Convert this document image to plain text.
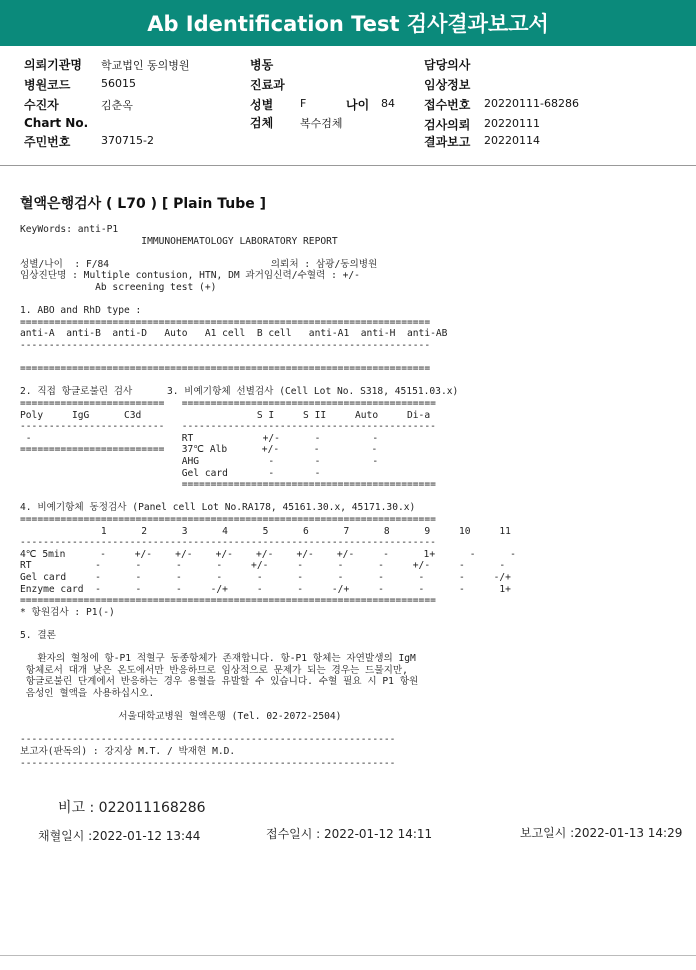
Ab Identification Test 검사결과보고서
의뢰기관명 학교법인 동의병원
병원코드	56015
수진자	김춘옥
Chart No.
주민번호	370715-2
병동
진료과
성별 F	나이 84
검체 복수검체
담당의사
임상정보
접수번호 20220111-68286
검사의뢰 20220111
결과보고 20220114
혈액은행검사 ( L70 ) [ Plain Tube ]
KeyWords: anti-P1
IMMUNOHEMATOLOGY LABORATORY REPORT
성별/나이  : F/84                            의뢰처 : 삼광/동의병원
임상진단명 : Multiple contusion, HTN, DM 과거임신력/수혈력 : +/-
Ab screening test (+)
1. ABO and RhD type :
=======================================================================
anti-A  anti-B  anti-D   Auto   A1 cell  B cell   anti-A1  anti-H  anti-AB
-----------------------------------------------------------------------
=======================================================================
2. 직접 항글로불린 검사      3. 비예기항체 선별검사 (Cell Lot No. S318, 45151.03.x)
=========================   ============================================
Poly     IgG      C3d                    S I     S II     Auto     Di-a
-------------------------   --------------------------------------------
-                          RT            +/-      -         -
=========================   37℃ Alb      +/-      -         -
AHG            -       -         -
Gel card       -       -
============================================
4. 비예기항체 동정검사 (Panel cell Lot No.RA178, 45161.30.x, 45171.30.x)
========================================================================
1      2      3      4      5      6      7      8      9     10     11
------------------------------------------------------------------------
4℃ 5min      -     +/-    +/-    +/-    +/-    +/-    +/-     -      1+      -      -
RT           -      -      -      -     +/-     -      -      -     +/-     -      -
Gel card     -      -      -      -      -      -      -      -      -      -     -/+
Enzyme card  -      -      -     -/+     -      -     -/+     -      -      -      1+
========================================================================
* 항원검사 : P1(-)
5. 결론
환자의 혈청에 항-P1 적혈구 동종항체가 존재합니다. 항-P1 항체는 자연발생의 IgM
항체로서 대개 낮은 온도에서만 반응하므로 임상적으로 문제가 되는 경우는 드물지만,
항글로불린 단계에서 반응하는 경우 용혈을 유발할 수 있습니다. 수혈 필요 시 P1 항원
음성인 혈액을 사용하십시오.
서울대학교병원 혈액은행 (Tel. 02-2072-2504)
-----------------------------------------------------------------
보고자(판독의) : 강지상 M.T. / 박재현 M.D.
-----------------------------------------------------------------
비고 : 022011168286
채혈일시 :2022-01-12 13:44	접수일시 : 2022-01-12 14:11	보고일시 :2022-01-13 14:29
